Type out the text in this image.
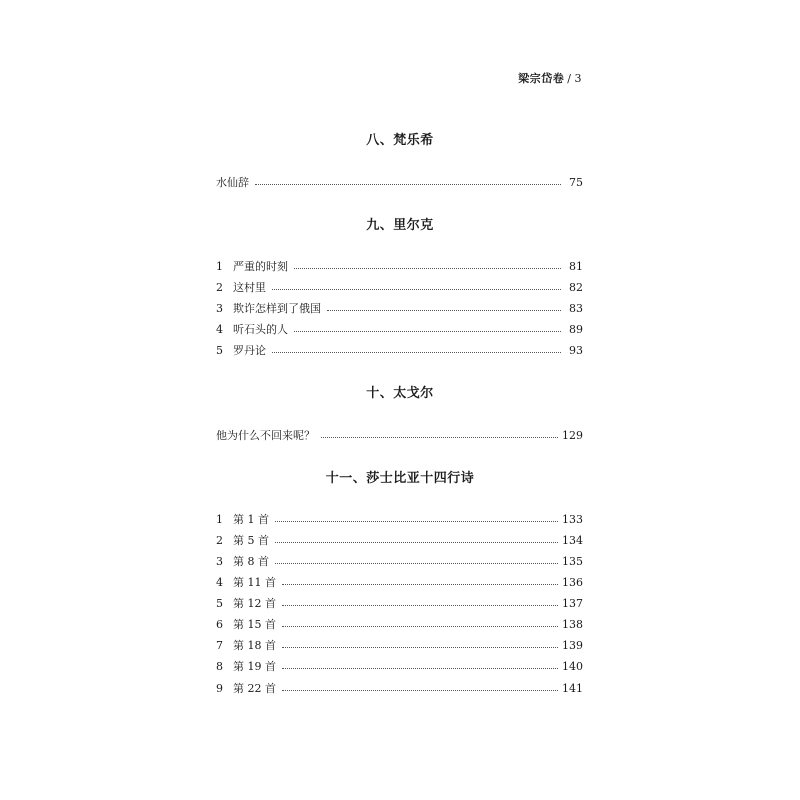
梁宗岱卷 / 3
八、梵乐希
水仙辞	75
九、里尔克
1 严重的时刻	81
2 这村里	82
3 欺诈怎样到了俄国	83
4 听石头的人	89
5 罗丹论	93
十、太戈尔
他为什么不回来呢？	129
十一、莎士比亚十四行诗
1 第 1 首	133
2 第 5 首	134
3 第 8 首	135
4 第 11 首	136
5 第 12 首	137
6 第 15 首	138
7 第 18 首	139
8 第 19 首	140
9 第 22 首	141
